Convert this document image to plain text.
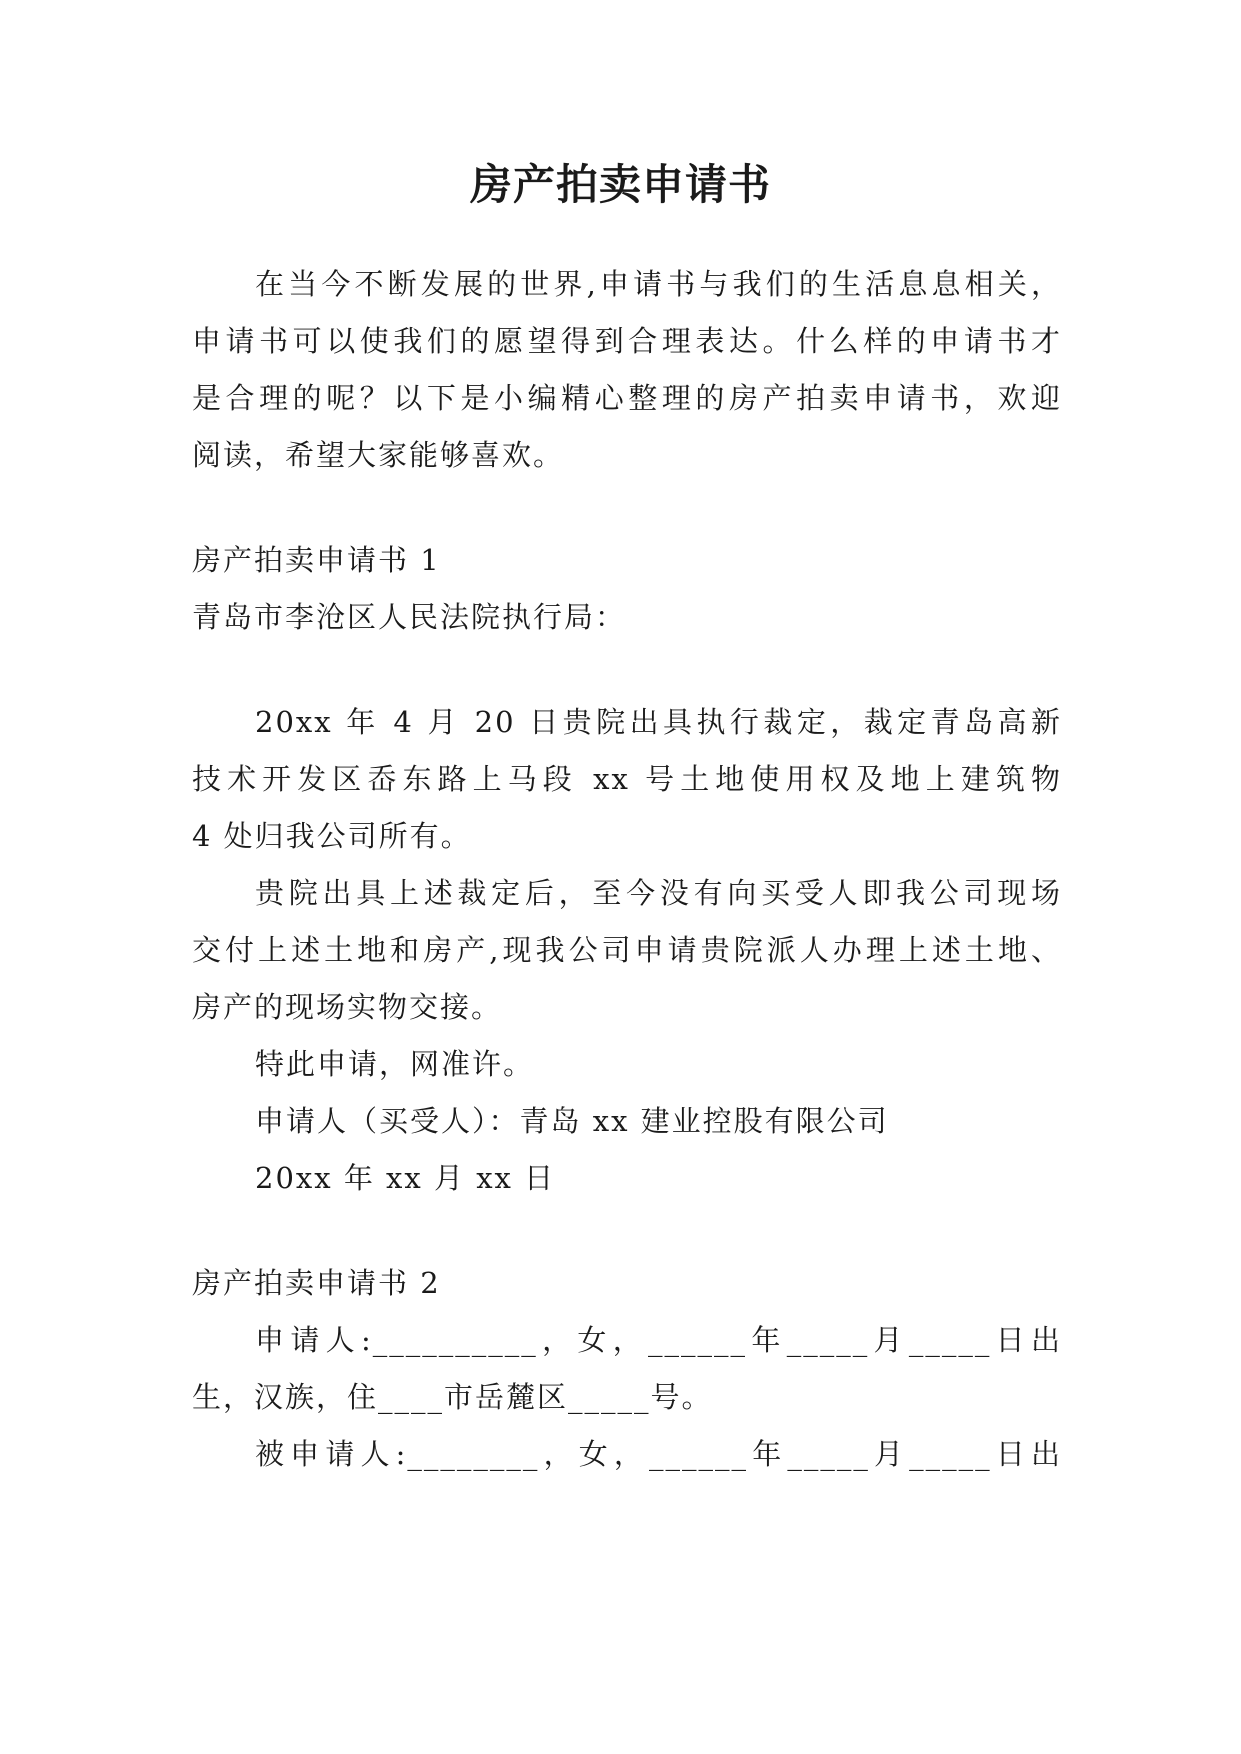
房产拍卖申请书

在当今不断发展的世界,申请书与我们的生活息息相关，

申请书可以使我们的愿望得到合理表达。什么样的申请书才

是合理的呢？以下是小编精心整理的房产拍卖申请书，欢迎

阅读，希望大家能够喜欢。

房产拍卖申请书 1

青岛市李沧区人民法院执行局：

20xx 年 4 月 20 日贵院出具执行裁定，裁定青岛高新

技术开发区岙东路上马段 xx 号土地使用权及地上建筑物

4 处归我公司所有。

贵院出具上述裁定后，至今没有向买受人即我公司现场

交付上述土地和房产,现我公司申请贵院派人办理上述土地、

房产的现场实物交接。

特此申请，网准许。

申请人（买受人）：青岛 xx 建业控股有限公司

20xx 年 xx 月 xx 日

房产拍卖申请书 2

申请人:__________，女，______年_____月_____日出

生，汉族，住____市岳麓区_____号。

被申请人:________，女，______年_____月_____日出
